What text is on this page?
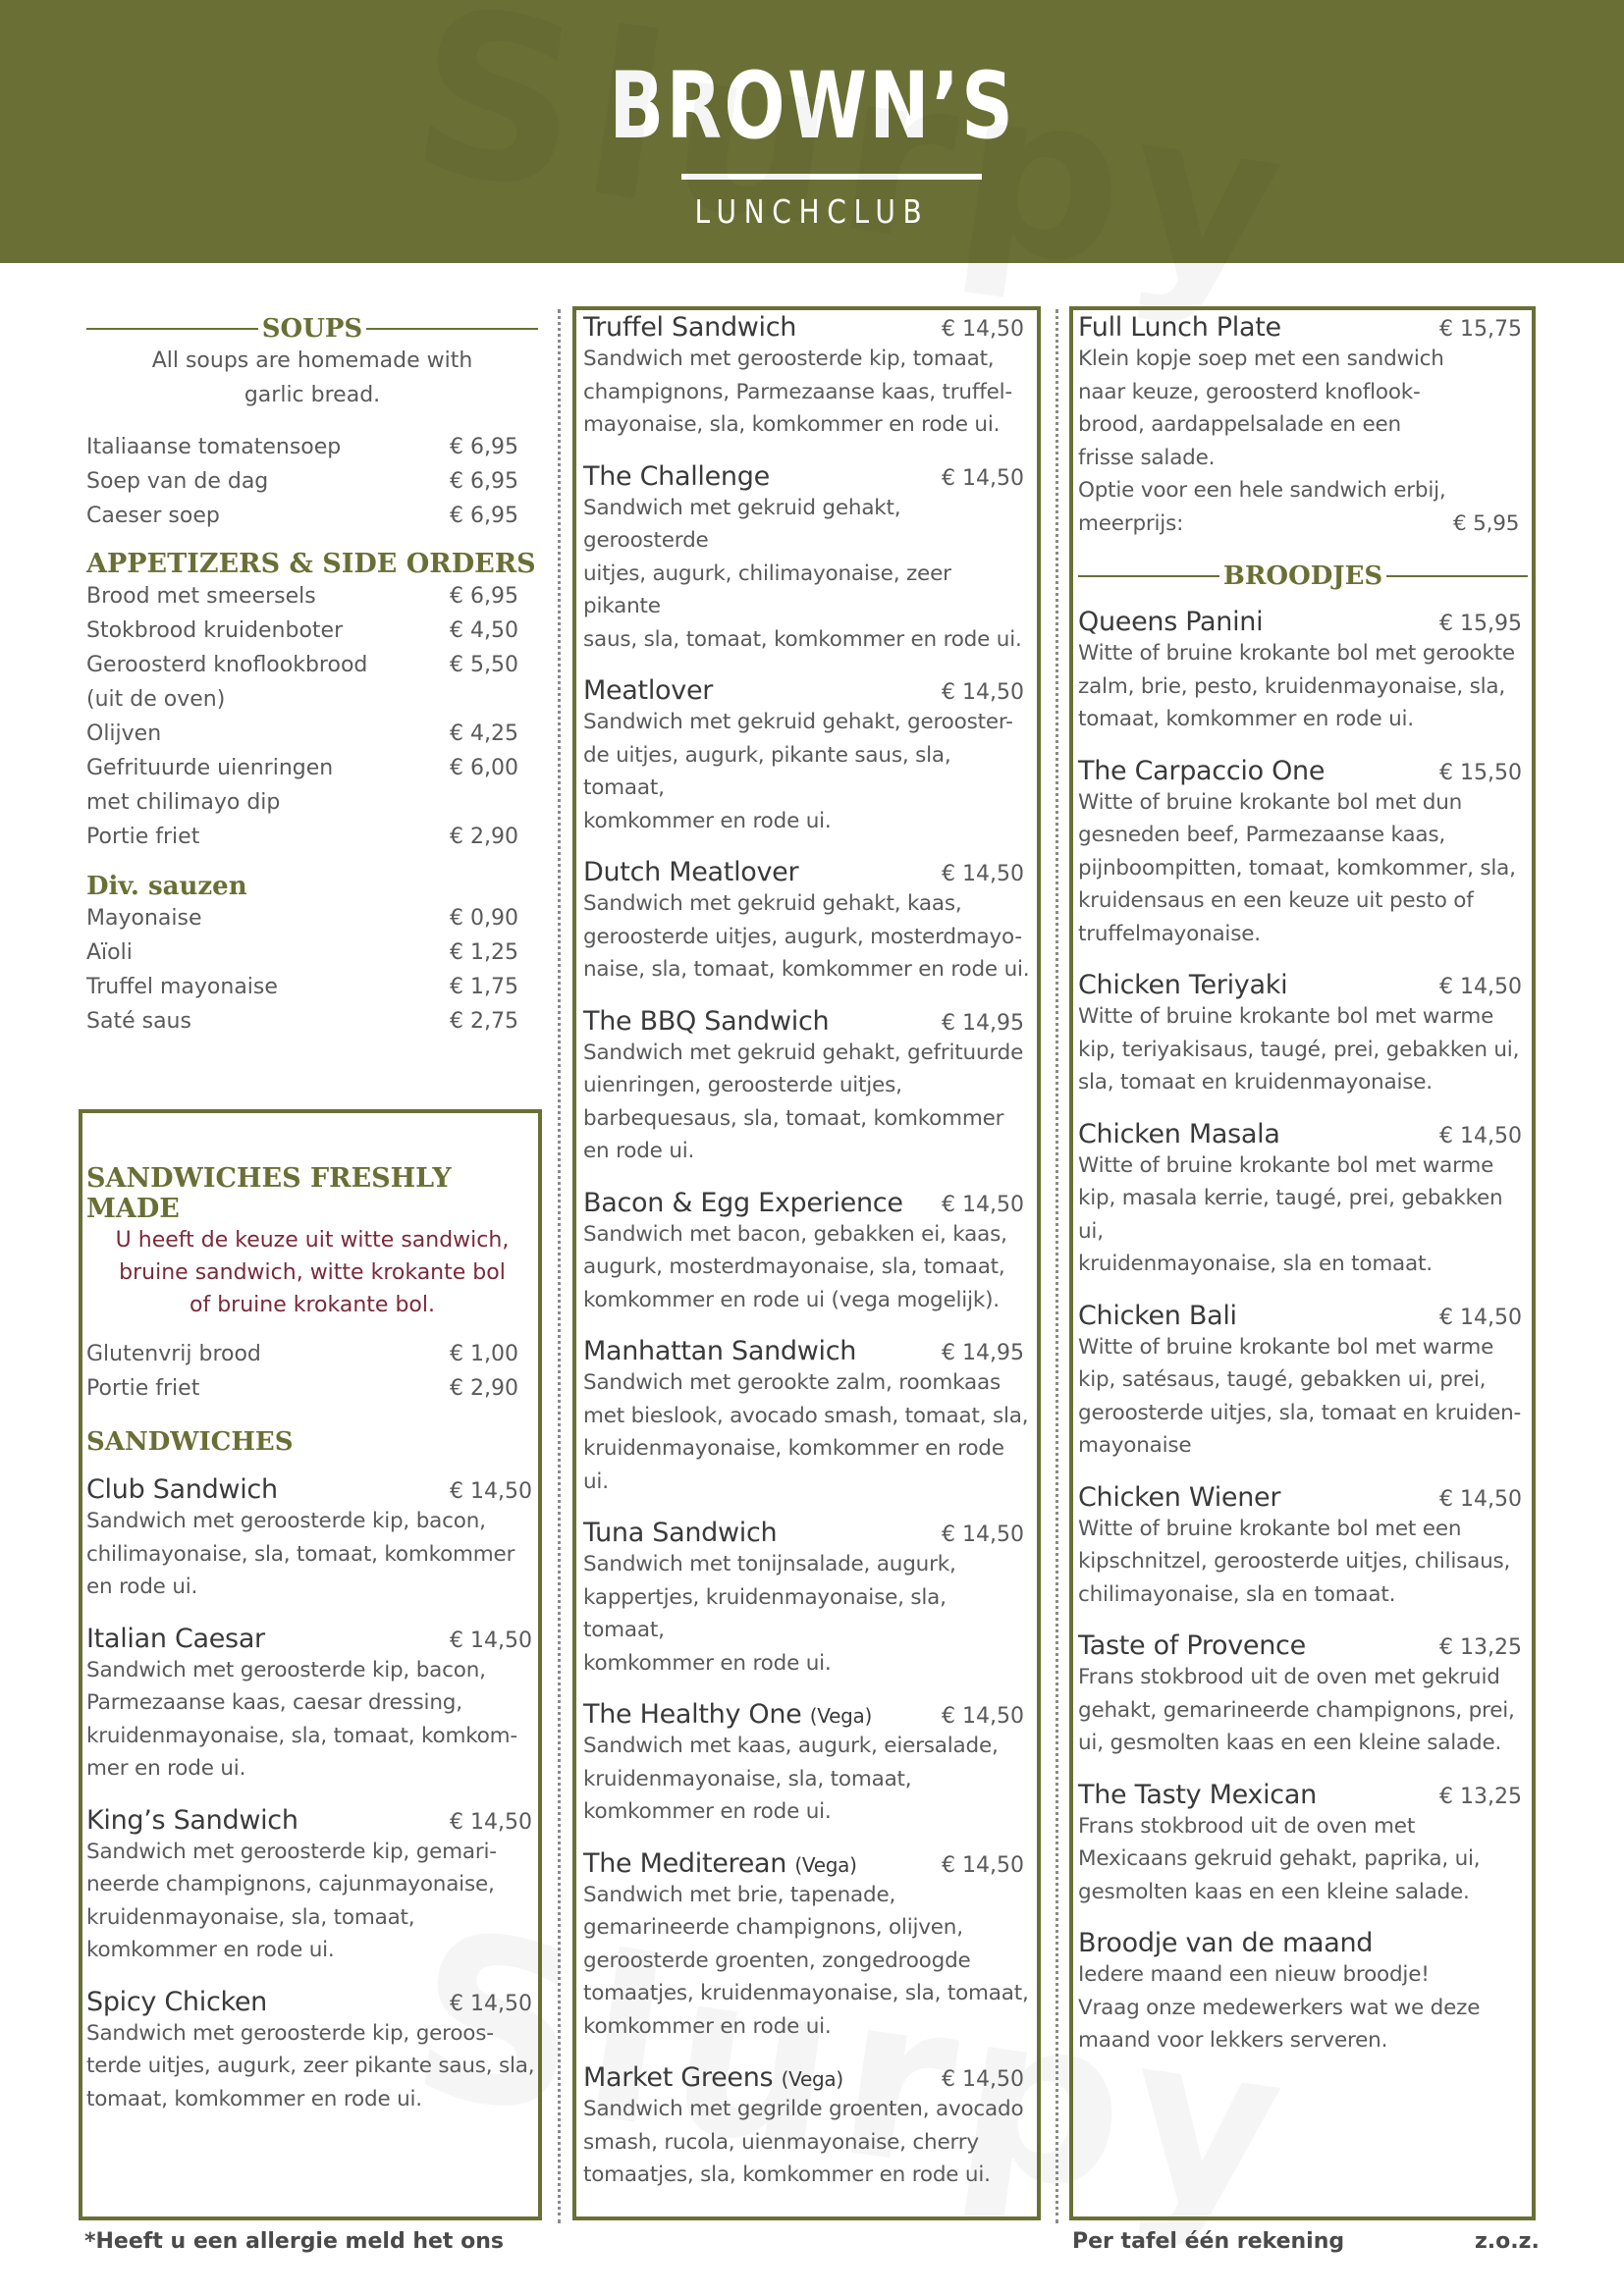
BROWN’S
LUNCHCLUB
SOUPS
All soups are homemade with
garlic bread.
Italiaanse tomatensoep	€ 6,95
Soep van de dag	€ 6,95
Caeser soep	€ 6,95
APPETIZERS & SIDE ORDERS
Brood met smeersels	€ 6,95
Stokbrood kruidenboter	€ 4,50
Geroosterd knoflookbrood	€ 5,50
(uit de oven)
Olijven	€ 4,25
Gefrituurde uienringen	€ 6,00
met chilimayo dip
Portie friet	€ 2,90
Div. sauzen
Mayonaise	€ 0,90
Aïoli	€ 1,25
Truffel mayonaise	€ 1,75
Saté saus	€ 2,75
SANDWICHES FRESHLY MADE
U heeft de keuze uit witte sandwich,
bruine sandwich, witte krokante bol
of bruine krokante bol.
Glutenvrij brood	€ 1,00
Portie friet	€ 2,90
SANDWICHES
Club Sandwich	€ 14,50
Sandwich met geroosterde kip, bacon,
chilimayonaise, sla, tomaat, komkommer
en rode ui.
Italian Caesar	€ 14,50
Sandwich met geroosterde kip, bacon,
Parmezaanse kaas, caesar dressing,
kruidenmayonaise, sla, tomaat, komkom-
mer en rode ui.
King’s Sandwich	€ 14,50
Sandwich met geroosterde kip, gemari-
neerde champignons, cajunmayonaise,
kruidenmayonaise, sla, tomaat,
komkommer en rode ui.
Spicy Chicken	€ 14,50
Sandwich met geroosterde kip, geroos-
terde uitjes, augurk, zeer pikante saus, sla,
tomaat, komkommer en rode ui.
Truffel Sandwich	€ 14,50
Sandwich met geroosterde kip, tomaat,
champignons, Parmezaanse kaas, truffel-
mayonaise, sla, komkommer en rode ui.
The Challenge	€ 14,50
Sandwich met gekruid gehakt, geroosterde
uitjes, augurk, chilimayonaise, zeer pikante
saus, sla, tomaat, komkommer en rode ui.
Meatlover	€ 14,50
Sandwich met gekruid gehakt, gerooster-
de uitjes, augurk, pikante saus, sla, tomaat,
komkommer en rode ui.
Dutch Meatlover	€ 14,50
Sandwich met gekruid gehakt, kaas,
geroosterde uitjes, augurk, mosterdmayo-
naise, sla, tomaat, komkommer en rode ui.
The BBQ Sandwich	€ 14,95
Sandwich met gekruid gehakt, gefrituurde
uienringen, geroosterde uitjes,
barbequesaus, sla, tomaat, komkommer
en rode ui.
Bacon & Egg Experience € 14,50
Sandwich met bacon, gebakken ei, kaas,
augurk, mosterdmayonaise, sla, tomaat,
komkommer en rode ui (vega mogelijk).
Manhattan Sandwich	€ 14,95
Sandwich met gerookte zalm, roomkaas
met bieslook, avocado smash, tomaat, sla,
kruidenmayonaise, komkommer en rode ui.
Tuna Sandwich	€ 14,50
Sandwich met tonijnsalade, augurk,
kappertjes, kruidenmayonaise, sla, tomaat,
komkommer en rode ui.
The Healthy One (Vega)	€ 14,50
Sandwich met kaas, augurk, eiersalade,
kruidenmayonaise, sla, tomaat,
komkommer en rode ui.
The Mediterean (Vega)	€ 14,50
Sandwich met brie, tapenade,
gemarineerde champignons, olijven,
geroosterde groenten, zongedroogde
tomaatjes, kruidenmayonaise, sla, tomaat,
komkommer en rode ui.
Market Greens (Vega)	€ 14,50
Sandwich met gegrilde groenten, avocado
smash, rucola, uienmayonaise, cherry
tomaatjes, sla, komkommer en rode ui.
Full Lunch Plate	€ 15,75
Klein kopje soep met een sandwich
naar keuze, geroosterd knoflook-
brood, aardappelsalade en een
frisse salade.
Optie voor een hele sandwich erbij,
meerprijs:	€ 5,95
BROODJES
Queens Panini	€ 15,95
Witte of bruine krokante bol met gerookte
zalm, brie, pesto, kruidenmayonaise, sla,
tomaat, komkommer en rode ui.
The Carpaccio One	€ 15,50
Witte of bruine krokante bol met dun
gesneden beef, Parmezaanse kaas,
pijnboompitten, tomaat, komkommer, sla,
kruidensaus en een keuze uit pesto of
truffelmayonaise.
Chicken Teriyaki	€ 14,50
Witte of bruine krokante bol met warme
kip, teriyakisaus, taugé, prei, gebakken ui,
sla, tomaat en kruidenmayonaise.
Chicken Masala	€ 14,50
Witte of bruine krokante bol met warme
kip, masala kerrie, taugé, prei, gebakken ui,
kruidenmayonaise, sla en tomaat.
Chicken Bali	€ 14,50
Witte of bruine krokante bol met warme
kip, satésaus, taugé, gebakken ui, prei,
geroosterde uitjes, sla, tomaat en kruiden-
mayonaise
Chicken Wiener	€ 14,50
Witte of bruine krokante bol met een
kipschnitzel, geroosterde uitjes, chilisaus,
chilimayonaise, sla en tomaat.
Taste of Provence	€ 13,25
Frans stokbrood uit de oven met gekruid
gehakt, gemarineerde champignons, prei,
ui, gesmolten kaas en een kleine salade.
The Tasty Mexican	€ 13,25
Frans stokbrood uit de oven met
Mexicaans gekruid gehakt, paprika, ui,
gesmolten kaas en een kleine salade.
Broodje van de maand
Iedere maand een nieuw broodje!
Vraag onze medewerkers wat we deze
maand voor lekkers serveren.
*Heeft u een allergie meld het ons	Per tafel één rekening	z.o.z.
